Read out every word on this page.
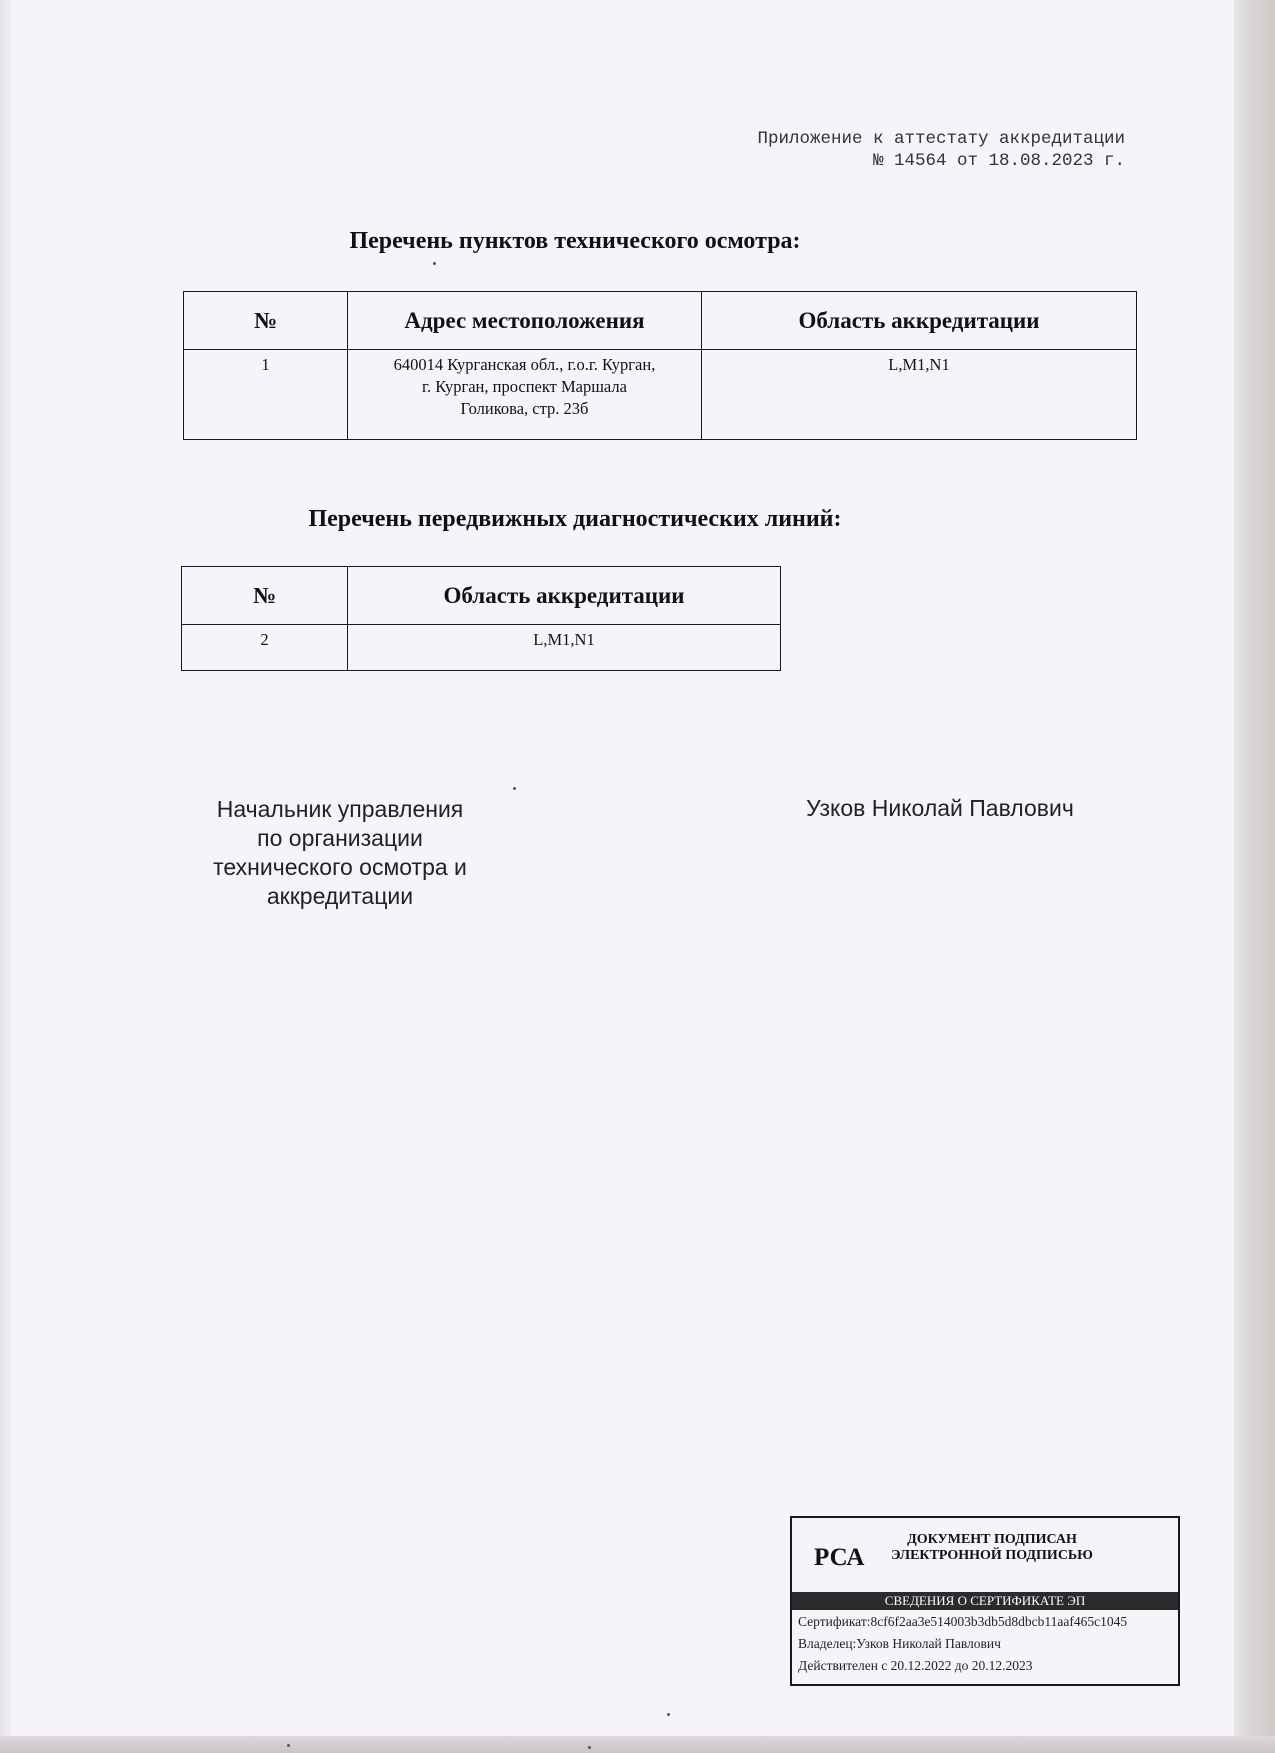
Приложение к аттестату аккредитации
№ 14564 от 18.08.2023 г.
Перечень пунктов технического осмотра:
№	Адрес местоположения	Область аккредитации
1	640014 Курганская обл., г.о.г. Курган,
г. Курган, проспект Маршала
Голикова, стр. 23б	L,M1,N1
Перечень передвижных диагностических линий:
№	Область аккредитации
2	L,M1,N1
Начальник управления
по организации
технического осмотра и
аккредитации
Узков Николай Павлович
РСА
ДОКУМЕНТ ПОДПИСАН
ЭЛЕКТРОННОЙ ПОДПИСЬЮ
СВЕДЕНИЯ О СЕРТИФИКАТЕ ЭП
Сертификат:8cf6f2aa3e514003b3db5d8dbcb11aaf465c1045
Владелец:Узков Николай Павлович
Действителен с 20.12.2022 до 20.12.2023
